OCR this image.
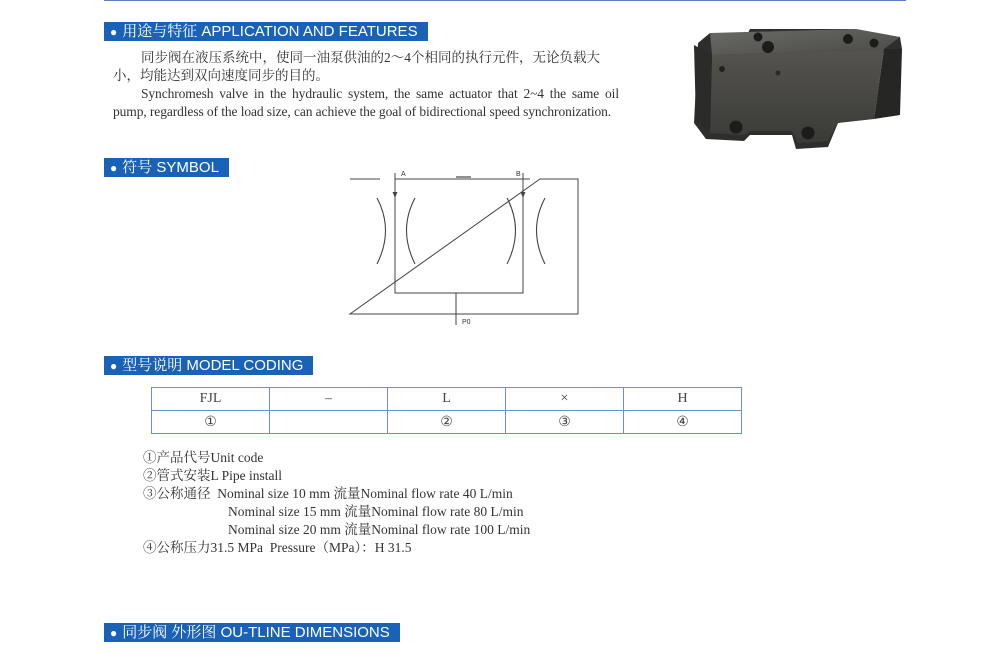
● 用途与特征 APPLICATION AND FEATURES
同步阀在液压系统中，使同一油泵供油的2～4个相同的执行元件，无论负载大小，均能达到双向速度同步的目的。
Synchromesh valve in the hydraulic system, the same actuator that 2~4 the same oil pump, regardless of the load size, can achieve the goal of bidirectional speed synchronization.
● 符号 SYMBOL	A	B
P0
● 型号说明 MODEL CODING
FJL	–	L	×	H
①		②	③	④
①产品代号Unit code
②管式安装L Pipe install
③公称通径  Nominal size 10 mm 流量Nominal flow rate 40 L/min
Nominal size 15 mm 流量Nominal flow rate 80 L/min
Nominal size 20 mm 流量Nominal flow rate 100 L/min
④公称压力31.5 MPa  Pressure（MPa）：H 31.5
● 同步阀 外形图 OU-TLINE DIMENSIONS
